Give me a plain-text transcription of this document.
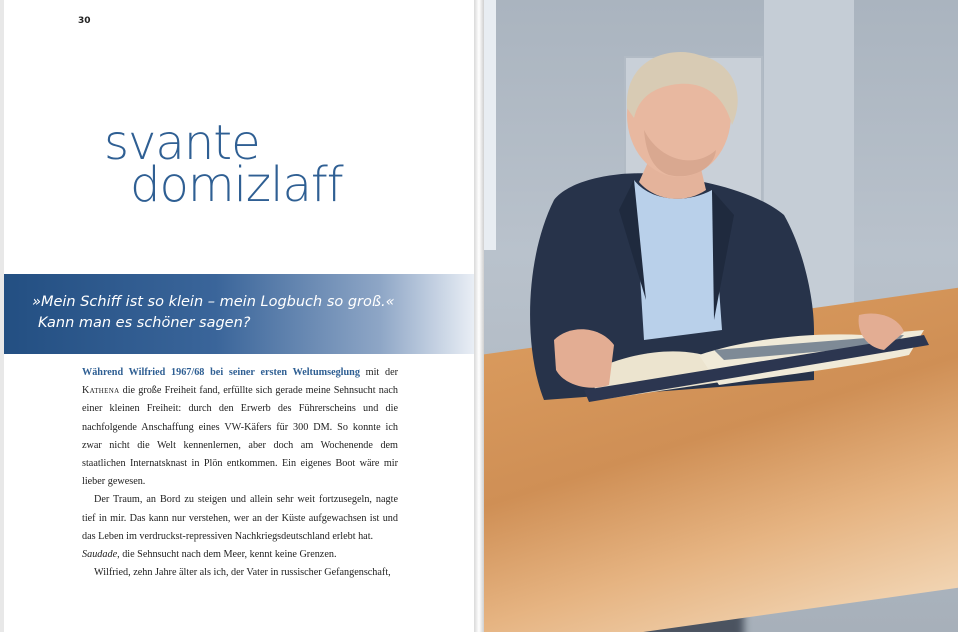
30
svante
domizlaff
»Mein Schiff ist so klein – mein Logbuch so groß.«
Kann man es schöner sagen?

Während Wilfried 1967/68 bei seiner ersten Weltumseglung mit der Kathena die große Freiheit fand, erfüllte sich gerade meine Sehnsucht nach einer kleinen Freiheit: durch den Erwerb des Führerscheins und die nachfolgende Anschaffung eines VW-Käfers für 300 DM. So konnte ich zwar nicht die Welt kennenlernen, aber doch am Wochenende dem staatlichen Internatsknast in Plön entkommen. Ein eigenes Boot wäre mir lieber gewesen.

Der Traum, an Bord zu steigen und allein sehr weit fortzusegeln, nagte tief in mir. Das kann nur verstehen, wer an der Küste aufgewachsen ist und das Leben im verdruckst-repressiven Nachkriegsdeutschland erlebt hat.

Saudade, die Sehnsucht nach dem Meer, kennt keine Grenzen.

Wilfried, zehn Jahre älter als ich, der Vater in russischer Gefangenschaft,
